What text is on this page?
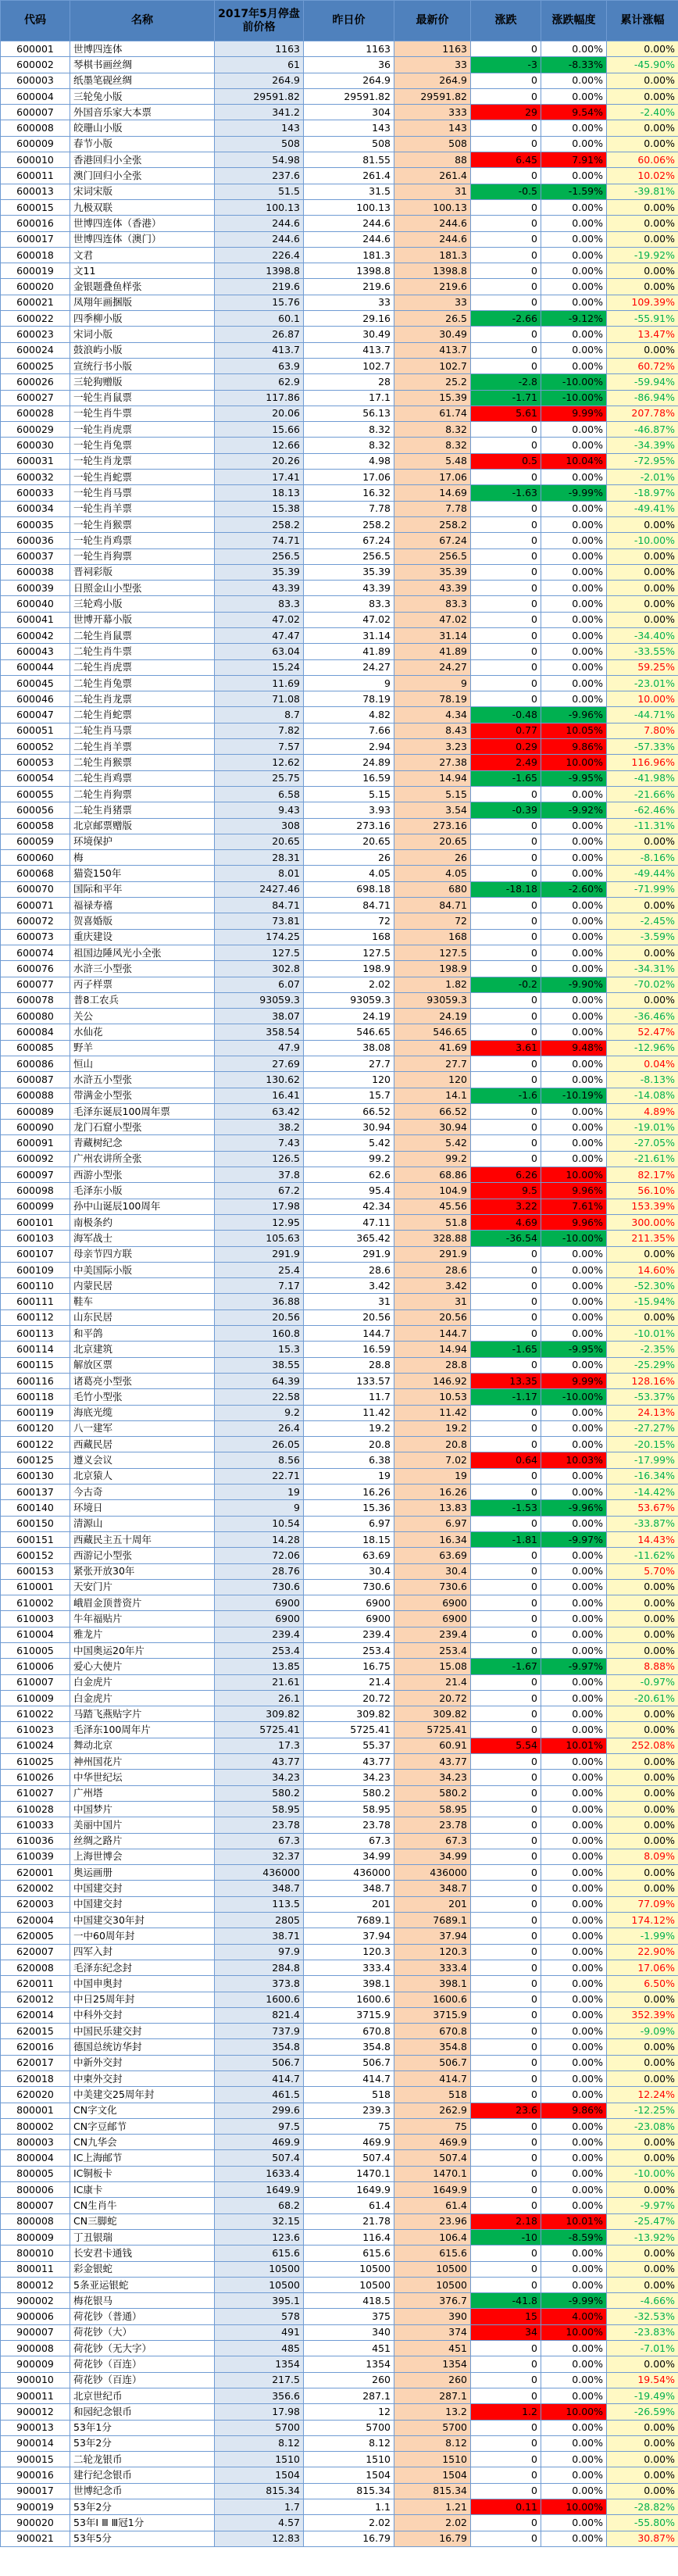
代码	名称	2017年5月停盘前价格	昨日价	最新价	涨跌	涨跌幅度	累计涨幅
600001	世博四连体	1163	1163	1163	0	0.00%	0.00%
600002	琴棋书画丝绸	61	36	33	-3	-8.33%	-45.90%
600003	纸墨笔砚丝绸	264.9	264.9	264.9	0	0.00%	0.00%
600004	三轮兔小版	29591.82	29591.82	29591.82	0	0.00%	0.00%
600007	外国音乐家大本票	341.2	304	333	29	9.54%	-2.40%
600008	皎珊山小版	143	143	143	0	0.00%	0.00%
600009	春节小版	508	508	508	0	0.00%	0.00%
600010	香港回归小全张	54.98	81.55	88	6.45	7.91%	60.06%
600011	澳门回归小全张	237.6	261.4	261.4	0	0.00%	10.02%
600013	宋词宋版	51.5	31.5	31	-0.5	-1.59%	-39.81%
600015	九极双联	100.13	100.13	100.13	0	0.00%	0.00%
600016	世博四连体（香港）	244.6	244.6	244.6	0	0.00%	0.00%
600017	世博四连体（澳门）	244.6	244.6	244.6	0	0.00%	0.00%
600018	文君	226.4	181.3	181.3	0	0.00%	-19.92%
600019	文11	1398.8	1398.8	1398.8	0	0.00%	0.00%
600020	金银题叠鱼样张	219.6	219.6	219.6	0	0.00%	0.00%
600021	凤翔年画捆版	15.76	33	33	0	0.00%	109.39%
600022	四季柳小版	60.1	29.16	26.5	-2.66	-9.12%	-55.91%
600023	宋词小版	26.87	30.49	30.49	0	0.00%	13.47%
600024	鼓浪屿小版	413.7	413.7	413.7	0	0.00%	0.00%
600025	宣统行书小版	63.9	102.7	102.7	0	0.00%	60.72%
600026	三轮狗赠版	62.9	28	25.2	-2.8	-10.00%	-59.94%
600027	一轮生肖鼠票	117.86	17.1	15.39	-1.71	-10.00%	-86.94%
600028	一轮生肖牛票	20.06	56.13	61.74	5.61	9.99%	207.78%
600029	一轮生肖虎票	15.66	8.32	8.32	0	0.00%	-46.87%
600030	一轮生肖兔票	12.66	8.32	8.32	0	0.00%	-34.39%
600031	一轮生肖龙票	20.26	4.98	5.48	0.5	10.04%	-72.95%
600032	一轮生肖蛇票	17.41	17.06	17.06	0	0.00%	-2.01%
600033	一轮生肖马票	18.13	16.32	14.69	-1.63	-9.99%	-18.97%
600034	一轮生肖羊票	15.38	7.78	7.78	0	0.00%	-49.41%
600035	一轮生肖猴票	258.2	258.2	258.2	0	0.00%	0.00%
600036	一轮生肖鸡票	74.71	67.24	67.24	0	0.00%	-10.00%
600037	一轮生肖狗票	256.5	256.5	256.5	0	0.00%	0.00%
600038	晋祠彩版	35.39	35.39	35.39	0	0.00%	0.00%
600039	日照金山小型张	43.39	43.39	43.39	0	0.00%	0.00%
600040	三轮鸡小版	83.3	83.3	83.3	0	0.00%	0.00%
600041	世博开幕小版	47.02	47.02	47.02	0	0.00%	0.00%
600042	二轮生肖鼠票	47.47	31.14	31.14	0	0.00%	-34.40%
600043	二轮生肖牛票	63.04	41.89	41.89	0	0.00%	-33.55%
600044	二轮生肖虎票	15.24	24.27	24.27	0	0.00%	59.25%
600045	二轮生肖兔票	11.69	9	9	0	0.00%	-23.01%
600046	二轮生肖龙票	71.08	78.19	78.19	0	0.00%	10.00%
600047	二轮生肖蛇票	8.7	4.82	4.34	-0.48	-9.96%	-44.71%
600051	二轮生肖马票	7.82	7.66	8.43	0.77	10.05%	7.80%
600052	二轮生肖羊票	7.57	2.94	3.23	0.29	9.86%	-57.33%
600053	二轮生肖猴票	12.62	24.89	27.38	2.49	10.00%	116.96%
600054	二轮生肖鸡票	25.75	16.59	14.94	-1.65	-9.95%	-41.98%
600055	二轮生肖狗票	6.58	5.15	5.15	0	0.00%	-21.66%
600056	二轮生肖猪票	9.43	3.93	3.54	-0.39	-9.92%	-62.46%
600058	北京邮票赠版	308	273.16	273.16	0	0.00%	-11.31%
600059	环境保护	20.65	20.65	20.65	0	0.00%	0.00%
600060	梅	28.31	26	26	0	0.00%	-8.16%
600068	猫瓷150年	8.01	4.05	4.05	0	0.00%	-49.44%
600070	国际和平年	2427.46	698.18	680	-18.18	-2.60%	-71.99%
600071	福禄寿禧	84.71	84.71	84.71	0	0.00%	0.00%
600072	贺喜婚版	73.81	72	72	0	0.00%	-2.45%
600073	重庆建设	174.25	168	168	0	0.00%	-3.59%
600074	祖国边陲风光小全张	127.5	127.5	127.5	0	0.00%	0.00%
600076	水浒三小型张	302.8	198.9	198.9	0	0.00%	-34.31%
600077	丙子样票	6.07	2.02	1.82	-0.2	-9.90%	-70.02%
600078	普8工农兵	93059.3	93059.3	93059.3	0	0.00%	0.00%
600080	关公	38.07	24.19	24.19	0	0.00%	-36.46%
600084	水仙花	358.54	546.65	546.65	0	0.00%	52.47%
600085	野羊	47.9	38.08	41.69	3.61	9.48%	-12.96%
600086	恒山	27.69	27.7	27.7	0	0.00%	0.04%
600087	水浒五小型张	130.62	120	120	0	0.00%	-8.13%
600088	带满金小型张	16.41	15.7	14.1	-1.6	-10.19%	-14.08%
600089	毛泽东诞辰100周年票	63.42	66.52	66.52	0	0.00%	4.89%
600090	龙门石窟小型张	38.2	30.94	30.94	0	0.00%	-19.01%
600091	青藏树纪念	7.43	5.42	5.42	0	0.00%	-27.05%
600092	广州农讲所全张	126.5	99.2	99.2	0	0.00%	-21.61%
600097	西游小型张	37.8	62.6	68.86	6.26	10.00%	82.17%
600098	毛泽东小版	67.2	95.4	104.9	9.5	9.96%	56.10%
600099	孙中山诞辰100周年	17.98	42.34	45.56	3.22	7.61%	153.39%
600101	南极条约	12.95	47.11	51.8	4.69	9.96%	300.00%
600103	海军战士	105.63	365.42	328.88	-36.54	-10.00%	211.35%
600107	母亲节四方联	291.9	291.9	291.9	0	0.00%	0.00%
600109	中美国际小版	25.4	28.6	28.6	0	0.00%	14.60%
600110	内蒙民居	7.17	3.42	3.42	0	0.00%	-52.30%
600111	鞋车	36.88	31	31	0	0.00%	-15.94%
600112	山东民居	20.56	20.56	20.56	0	0.00%	0.00%
600113	和平鸽	160.8	144.7	144.7	0	0.00%	-10.01%
600114	北京建筑	15.3	16.59	14.94	-1.65	-9.95%	-2.35%
600115	解放区票	38.55	28.8	28.8	0	0.00%	-25.29%
600116	诸葛亮小型张	64.39	133.57	146.92	13.35	9.99%	128.16%
600118	毛竹小型张	22.58	11.7	10.53	-1.17	-10.00%	-53.37%
600119	海底光缆	9.2	11.42	11.42	0	0.00%	24.13%
600120	八一建军	26.4	19.2	19.2	0	0.00%	-27.27%
600122	西藏民居	26.05	20.8	20.8	0	0.00%	-20.15%
600125	遵义会议	8.56	6.38	7.02	0.64	10.03%	-17.99%
600130	北京猿人	22.71	19	19	0	0.00%	-16.34%
600137	今古奇	19	16.26	16.26	0	0.00%	-14.42%
600140	环境日	9	15.36	13.83	-1.53	-9.96%	53.67%
600150	清源山	10.54	6.97	6.97	0	0.00%	-33.87%
600151	西藏民主五十周年	14.28	18.15	16.34	-1.81	-9.97%	14.43%
600152	西游记小型张	72.06	63.69	63.69	0	0.00%	-11.62%
600153	紧张开放30年	28.76	30.4	30.4	0	0.00%	5.70%
610001	天安门片	730.6	730.6	730.6	0	0.00%	0.00%
610002	峨眉金顶普资片	6900	6900	6900	0	0.00%	0.00%
610003	牛年福贴片	6900	6900	6900	0	0.00%	0.00%
610004	雅龙片	239.4	239.4	239.4	0	0.00%	0.00%
610005	中国奥运20年片	253.4	253.4	253.4	0	0.00%	0.00%
610006	爱心大使片	13.85	16.75	15.08	-1.67	-9.97%	8.88%
610007	白金虎片	21.61	21.4	21.4	0	0.00%	-0.97%
610009	白金虎片	26.1	20.72	20.72	0	0.00%	-20.61%
610022	马踏飞燕贴字片	309.82	309.82	309.82	0	0.00%	0.00%
610023	毛泽东100周年片	5725.41	5725.41	5725.41	0	0.00%	0.00%
610024	舞动北京	17.3	55.37	60.91	5.54	10.01%	252.08%
610025	神州国花片	43.77	43.77	43.77	0	0.00%	0.00%
610026	中华世纪坛	34.23	34.23	34.23	0	0.00%	0.00%
610027	广州塔	580.2	580.2	580.2	0	0.00%	0.00%
610028	中国梦片	58.95	58.95	58.95	0	0.00%	0.00%
610033	美丽中国片	23.78	23.78	23.78	0	0.00%	0.00%
610036	丝绸之路片	67.3	67.3	67.3	0	0.00%	0.00%
610039	上海世博会	32.37	34.99	34.99	0	0.00%	8.09%
620001	奥运画册	436000	436000	436000	0	0.00%	0.00%
620002	中国建交封	348.7	348.7	348.7	0	0.00%	0.00%
620003	中国建交封	113.5	201	201	0	0.00%	77.09%
620004	中国建交30年封	2805	7689.1	7689.1	0	0.00%	174.12%
620005	一中60周年封	38.71	37.94	37.94	0	0.00%	-1.99%
620007	四军入封	97.9	120.3	120.3	0	0.00%	22.90%
620008	毛泽东纪念封	284.8	333.4	333.4	0	0.00%	17.06%
620011	中国申奥封	373.8	398.1	398.1	0	0.00%	6.50%
620012	中日25周年封	1600.6	1600.6	1600.6	0	0.00%	0.00%
620014	中科外交封	821.4	3715.9	3715.9	0	0.00%	352.39%
620015	中国民乐建交封	737.9	670.8	670.8	0	0.00%	-9.09%
620016	德国总统访华封	354.8	354.8	354.8	0	0.00%	0.00%
620017	中新外交封	506.7	506.7	506.7	0	0.00%	0.00%
620018	中柬外交封	414.7	414.7	414.7	0	0.00%	0.00%
620020	中美建交25周年封	461.5	518	518	0	0.00%	12.24%
800001	CN字文化	299.6	239.3	262.9	23.6	9.86%	-12.25%
800002	CN字豆邮节	97.5	75	75	0	0.00%	-23.08%
800003	CN九华会	469.9	469.9	469.9	0	0.00%	0.00%
800004	IC上海邮节	507.4	507.4	507.4	0	0.00%	0.00%
800005	IC铜板卡	1633.4	1470.1	1470.1	0	0.00%	-10.00%
800006	IC康卡	1649.9	1649.9	1649.9	0	0.00%	0.00%
800007	CN生肖牛	68.2	61.4	61.4	0	0.00%	-9.97%
800008	CN三脚蛇	32.15	21.78	23.96	2.18	10.01%	-25.47%
800009	丁丑银瑞	123.6	116.4	106.4	-10	-8.59%	-13.92%
800010	长安君卡通钱	615.6	615.6	615.6	0	0.00%	0.00%
800011	彩金银蛇	10500	10500	10500	0	0.00%	0.00%
800012	5条亚运银蛇	10500	10500	10500	0	0.00%	0.00%
900002	梅花银马	395.1	418.5	376.7	-41.8	-9.99%	-4.66%
900006	荷花钞（普通）	578	375	390	15	4.00%	-32.53%
900007	荷花钞（大）	491	340	374	34	10.00%	-23.83%
900008	荷花钞（无大字）	485	451	451	0	0.00%	-7.01%
900009	荷花钞（百连）	1354	1354	1354	0	0.00%	0.00%
900010	荷花钞（百连）	217.5	260	260	0	0.00%	19.54%
900011	北京世纪币	356.6	287.1	287.1	0	0.00%	-19.49%
900012	和园纪念银币	17.98	12	13.2	1.2	10.00%	-26.59%
900013	53年1分	5700	5700	5700	0	0.00%	0.00%
900014	53年2分	8.12	8.12	8.12	0	0.00%	0.00%
900015	二轮龙银币	1510	1510	1510	0	0.00%	0.00%
900016	建行纪念银币	1504	1504	1504	0	0.00%	0.00%
900017	世博纪念币	815.34	815.34	815.34	0	0.00%	0.00%
900019	53年2分	1.7	1.1	1.21	0.11	10.00%	-28.82%
900020	53年Ⅰ Ⅲ Ⅲ冠1分	4.57	2.02	2.02	0	0.00%	-55.80%
900021	53年5分	12.83	16.79	16.79	0	0.00%	30.87%
